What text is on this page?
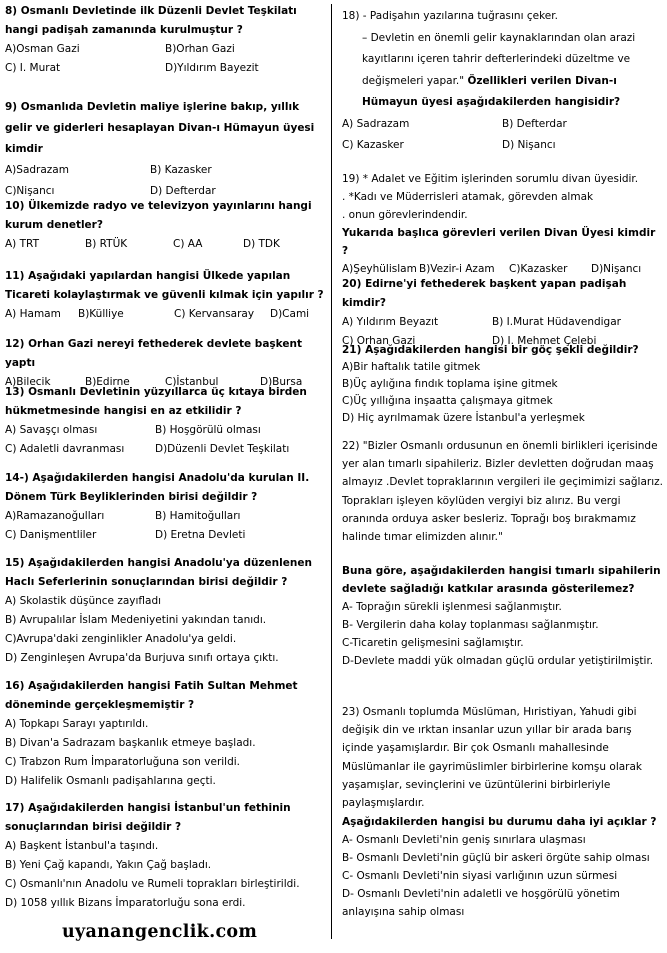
8) Osmanlı Devletinde ilk Düzenli Devlet Teşkilatı hangi padişah zamanında kurulmuştur ?
A)Osman Gazi	B)Orhan Gazi
C) I. Murat	D)Yıldırım Bayezit
9) Osmanlıda Devletin maliye işlerine bakıp, yıllık gelir ve giderleri hesaplayan Divan-ı Hümayun üyesi kimdir
A)Sadrazam	B) Kazasker
C)Nişancı	D) Defterdar
10) Ülkemizde radyo ve televizyon yayınlarını hangi kurum denetler?
A) TRT	B) RTÜK	C) AA	D) TDK
11) Aşağıdaki yapılardan hangisi Ülkede yapılan Ticareti kolaylaştırmak ve güvenli kılmak için yapılır ?
A) Hamam	B)Külliye	C) Kervansaray	D)Cami
12) Orhan Gazi nereyi fethederek devlete başkent yaptı
A)Bilecik	B)Edirne	C)İstanbul	D)Bursa
13) Osmanlı Devletinin yüzyıllarca üç kıtaya birden hükmetmesinde hangisi en az etkilidir ?
A) Savaşçı olması	B) Hoşgörülü olması
C) Adaletli davranması	D)Düzenli Devlet Teşkilatı
14-) Aşağıdakilerden hangisi Anadolu'da kurulan II. Dönem Türk Beyliklerinden birisi değildir ?
A)Ramazanoğulları	B) Hamitoğulları
C) Danişmentliler	D) Eretna Devleti
15) Aşağıdakilerden hangisi Anadolu'ya düzenlenen Haclı Seferlerinin sonuçlarından birisi değildir ?
A) Skolastik düşünce zayıfladı
B) Avrupalılar İslam Medeniyetini yakından tanıdı.
C)Avrupa'daki zenginlikler Anadolu'ya geldi.
D) Zenginleşen Avrupa'da Burjuva sınıfı ortaya çıktı.
16) Aşağıdakilerden hangisi Fatih Sultan Mehmet döneminde gerçekleşmemiştir ?
A) Topkapı Sarayı yaptırıldı.
B) Divan'a Sadrazam başkanlık etmeye başladı.
C) Trabzon Rum İmparatorluğuna son verildi.
D) Halifelik Osmanlı padişahlarına geçti.
17) Aşağıdakilerden hangisi İstanbul'un fethinin sonuçlarından birisi değildir ?
A) Başkent İstanbul'a taşındı.
B) Yeni Çağ kapandı, Yakın Çağ başladı.
C) Osmanlı'nın Anadolu ve Rumeli toprakları birleştirildi.
D) 1058 yıllık Bizans İmparatorluğu sona erdi.
uyanangenclik.com
18) - Padişahın yazılarına tuğrasını çeker.
– Devletin en önemli gelir kaynaklarından olan arazi kayıtlarını içeren tahrir defterlerindeki düzeltme ve değişmeleri yapar." Özellikleri verilen Divan-ı Hümayun üyesi aşağıdakilerden hangisidir?
A) Sadrazam	B) Defterdar
C) Kazasker	D) Nişancı
19) * Adalet ve Eğitim işlerinden sorumlu divan üyesidir.
. *Kadı ve Müderrisleri atamak, görevden almak
. onun görevlerindendir.
Yukarıda başlıca görevleri verilen Divan Üyesi kimdir ?
A)Şeyhülislam B)Vezir-i Azam	C)Kazasker	D)Nişancı
20) Edirne'yi fethederek başkent yapan padişah kimdir?
A) Yıldırım Beyazıt	B) I.Murat Hüdavendigar
C) Orhan Gazi	D) I. Mehmet Çelebi
21) Aşağıdakilerden hangisi bir göç şekli değildir?
A)Bir haftalık tatile gitmek
B)Üç aylığına fındık toplama işine gitmek
C)Üç yıllığına inşaatta çalışmaya gitmek
D) Hiç ayrılmamak üzere İstanbul'a yerleşmek
22) "Bizler Osmanlı ordusunun en önemli birlikleri içerisinde yer alan tımarlı sipahileriz. Bizler devletten doğrudan maaş almayız .Devlet topraklarının vergileri ile geçimimizi sağlarız. Toprakları işleyen köylüden vergiyi biz alırız. Bu vergi oranında orduya asker besleriz. Toprağı boş bırakmamız halinde tımar elimizden alınır."
Buna göre, aşağıdakilerden hangisi tımarlı sipahilerin devlete sağladığı katkılar arasında gösterilemez?
A- Toprağın sürekli işlenmesi sağlanmıştır.
B- Vergilerin daha kolay toplanması sağlanmıştır.
C-Ticaretin gelişmesini sağlamıştır.
D-Devlete maddi yük olmadan güçlü ordular yetiştirilmiştir.
23) Osmanlı toplumda Müslüman, Hıristiyan, Yahudi gibi değişik din ve ırktan insanlar uzun yıllar bir arada barış içinde yaşamışlardır. Bir çok Osmanlı mahallesinde Müslümanlar ile gayrimüslimler birbirlerine komşu olarak yaşamışlar, sevinçlerini ve üzüntülerini birbirleriyle paylaşmışlardır.
Aşağıdakilerden hangisi bu durumu daha iyi açıklar ?
A- Osmanlı Devleti'nin geniş sınırlara ulaşması
B- Osmanlı Devleti'nin güçlü bir askeri örgüte sahip olması
C- Osmanlı Devleti'nin siyasi varlığının uzun sürmesi
D- Osmanlı Devleti'nin adaletli ve hoşgörülü yönetim anlayışına sahip olması
